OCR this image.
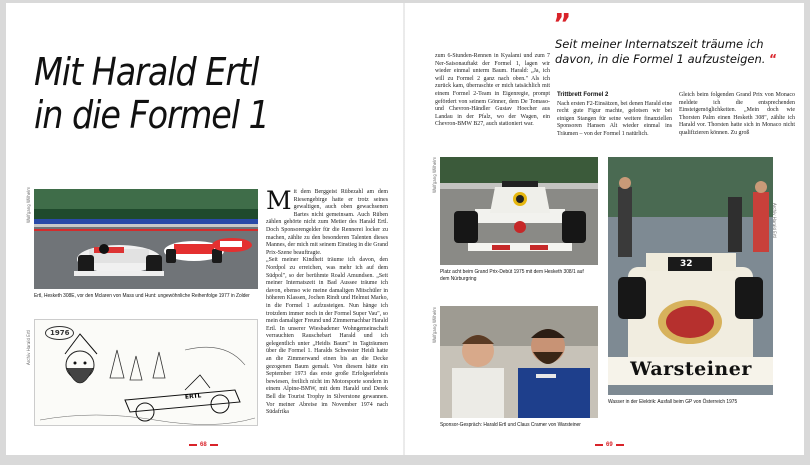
Mit Harald Ertl
in die Formel 1
Wolfgang Wilhelm
Ertl, Hesketh 308E, vor den Mclaren von Mass und Hunt: ungewöhnliche Reihenfolge 1977 in Zolder
ERTL
1976
Archiv Harald Ertl
M it dem Berggeist Rübezahl am dem Riesengebirge hatte er trotz seines gewaltigen, auch oben gewachsenen Bartes nicht gemeinsam. Auch Rüben zählen gehörte nicht zum Metier des Harald Ertl. Doch Sponsorengelder für die Rennerei locker zu machen, zählte zu den besonderen Talenten dieses Mannes, der mich mit seinem Einstieg in die Grand Prix-Szene beauftragte.

„Seit meiner Kindheit träume ich davon, den Nordpol zu erreichen, was mehr ich auf dem Südpol", so der berühmte Roald Amundsen. „Seit meiner Internatszeit in Bad Aussee träume ich davon, ebenso wie meine damaligen Mitschüler in höheren Klassen, Jochen Rindt und Helmut Marko, in die Formel 1 aufzusteigen. Nun hänge ich trotzdem immer noch in der Formel Super Vau", so mein damaliger Freund und Zimmernachbar Harald Ertl. In unserer Wiesbadener Wohngemeinschaft verrauchten Rauschebart Harald und ich gelegentlich unter „Heidis Baum" in Tagträumen über die Formel 1. Haralds Schwester Heidi hatte an die Zimmerwand einen bis an die Decke gezogenen Baum gemalt. Von diesem hätte ein September 1973 das erste große Erfolgserlebnis bewiesen, freilich nicht im Motorsporte sondern in einem Alpine-BMW, mit dem Harald und Derek Bell die Tourist Trophy in Silverstone gewannen. Vor meiner Abreise im November 1974 nach Südafrika

68

zum 6-Stunden-Rennen in Kyalami und zum 7 Ner-Saisonauftakt der Formel 1, lagen wir wieder einmal unterm Baum. Harald: „Ja, ich will zu Formel 2 ganz nach oben." Als ich zurück kam, überraschte er mich tatsächlich mit einem Formel 2-Team in Eigenregie, prompt gefördert von seinem Gönner, dem De Tomaso- und Chevron-Händler Gustav Hoecher aus Landau in der Pfalz, wo der Wagen, ein Chevron-BMW B27, auch stationiert war.

”
Seit meiner Internatszeit träume ich davon, in die Formel 1 aufzusteigen. “
Trittbrett Formel 2

Nach ersten F2-Einsätzen, bei denen Harald eine recht gute Figur machte, gelotsen wir bei einigen Stangen für seine weitere finanziellen Sponsoren Hansen Alt wieder einmal ins Träumen – von der Formel 1 natürlich.

Gleich beim folgenden Grand Prix von Monaco meldete ich die entsprechenden Einsteigemöglichkeiten. „Mein doch wie Thorsten Palm einen Hesketh 308", zählte ich Harald vor. Thorsten hatte sich in Monaco nicht qualifizieren können. Zu groß

Wolfgang Wilhelm
Platz acht beim Grand Prix-Debüt 1975 mit dem Hesketh 308/1 auf dem Nürburgring
Wolfgang Wilhelm
Sponsor-Gespräch: Harald Ertl und Claus Cramer von Warsteiner
32
Warsteiner
Archiv Harald Ertl
Wasser in der Elektrik: Ausfall beim GP von Österreich 1975
69
